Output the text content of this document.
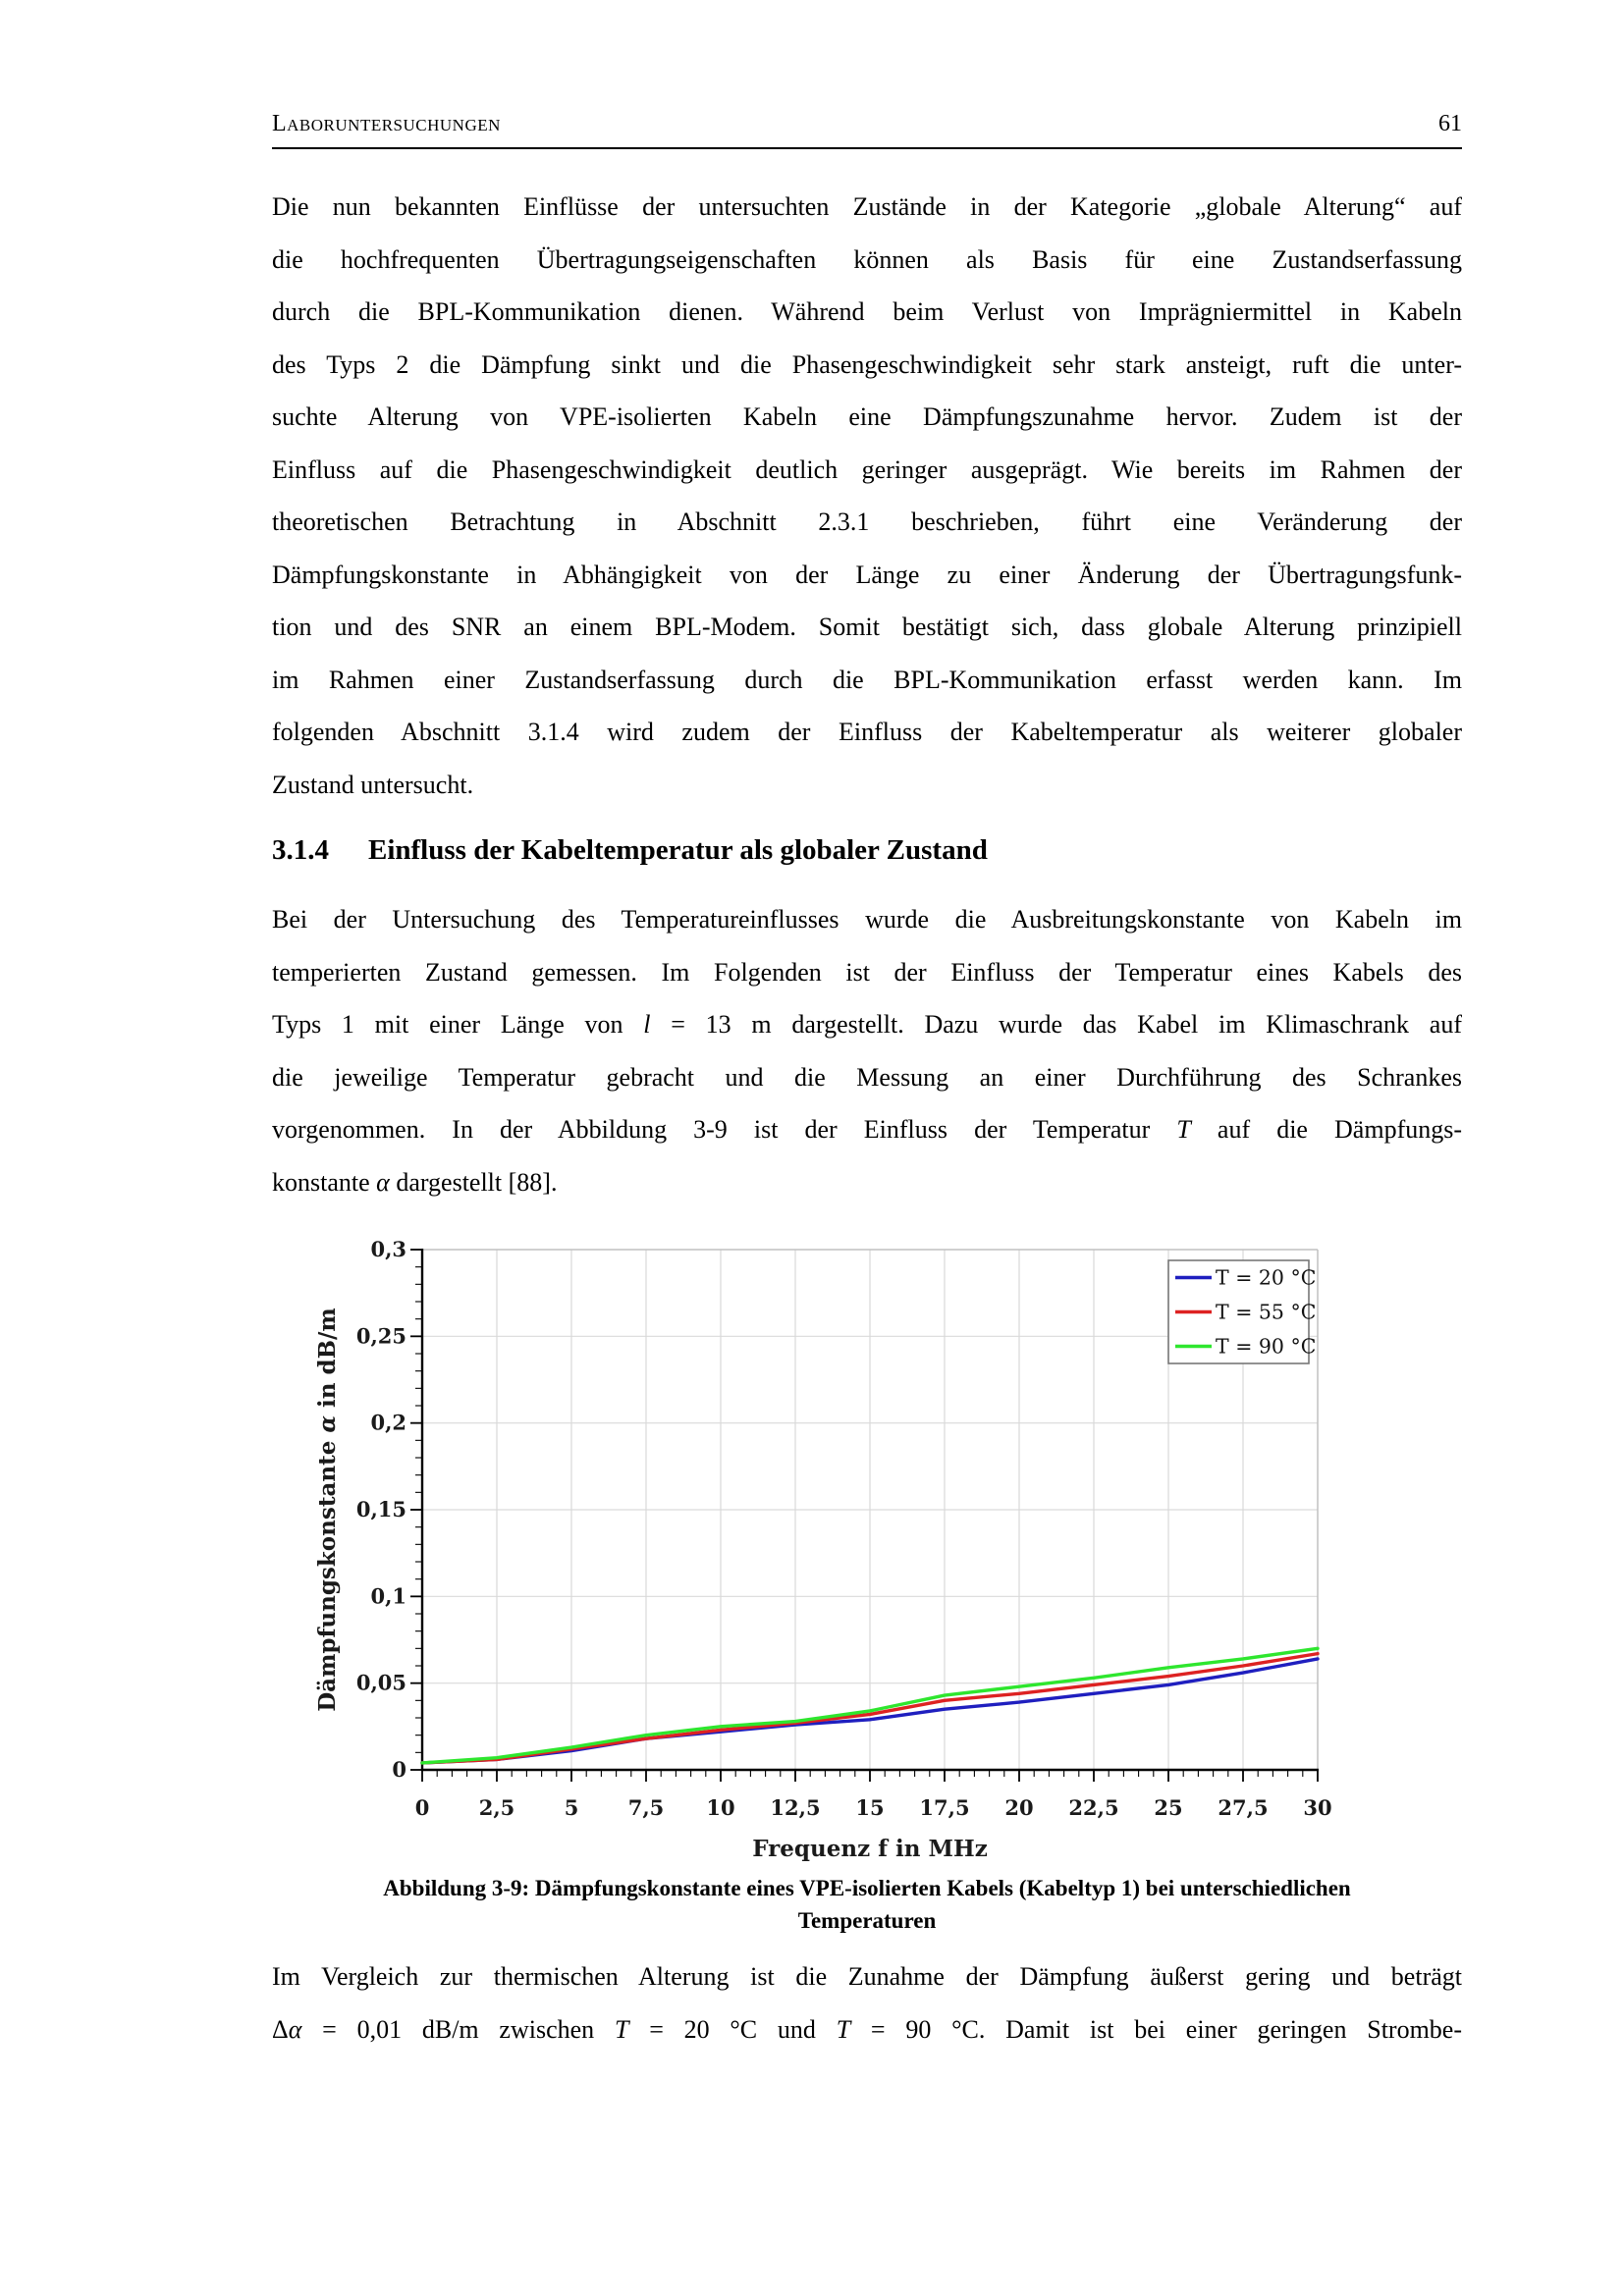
Laboruntersuchungen	61
Die nun bekannten Einflüsse der untersuchten Zustände in der Kategorie „globale Alterung“ auf
die hochfrequenten Übertragungseigenschaften können als Basis für eine Zustandserfassung
durch die BPL-Kommunikation dienen. Während beim Verlust von Imprägniermittel in Kabeln
des Typs 2 die Dämpfung sinkt und die Phasengeschwindigkeit sehr stark ansteigt, ruft die unter-
suchte Alterung von VPE-isolierten Kabeln eine Dämpfungszunahme hervor. Zudem ist der
Einfluss auf die Phasengeschwindigkeit deutlich geringer ausgeprägt. Wie bereits im Rahmen der
theoretischen Betrachtung in Abschnitt 2.3.1 beschrieben, führt eine Veränderung der
Dämpfungskonstante in Abhängigkeit von der Länge zu einer Änderung der Übertragungsfunk-
tion und des SNR an einem BPL-Modem. Somit bestätigt sich, dass globale Alterung prinzipiell
im Rahmen einer Zustandserfassung durch die BPL-Kommunikation erfasst werden kann. Im
folgenden Abschnitt 3.1.4 wird zudem der Einfluss der Kabeltemperatur als weiterer globaler
Zustand untersucht.
3.1.4 Einfluss der Kabeltemperatur als globaler Zustand
Bei der Untersuchung des Temperatureinflusses wurde die Ausbreitungskonstante von Kabeln im
temperierten Zustand gemessen. Im Folgenden ist der Einfluss der Temperatur eines Kabels des
Typs 1 mit einer Länge von l = 13 m dargestellt. Dazu wurde das Kabel im Klimaschrank auf
die jeweilige Temperatur gebracht und die Messung an einer Durchführung des Schrankes
vorgenommen. In der Abbildung 3-9 ist der Einfluss der Temperatur T auf die Dämpfungs-
konstante α dargestellt [88].
0 2,5 5 7,5 10 12,5 15 17,5 20 22,5 25 27,5 30
0
0,05
0,1
0,15
0,2
0,25
0,3
Frequenz f in MHz
Dämpfungskonstante α in dB/m
T = 20 °C
T = 55 °C
T = 90 °C
Abbildung 3-9: Dämpfungskonstante eines VPE-isolierten Kabels (Kabeltyp 1) bei unterschiedlichen
Temperaturen
Im Vergleich zur thermischen Alterung ist die Zunahme der Dämpfung äußerst gering und beträgt
Δα = 0,01 dB/m zwischen T = 20 °C und T = 90 °C. Damit ist bei einer geringen Strombe-
